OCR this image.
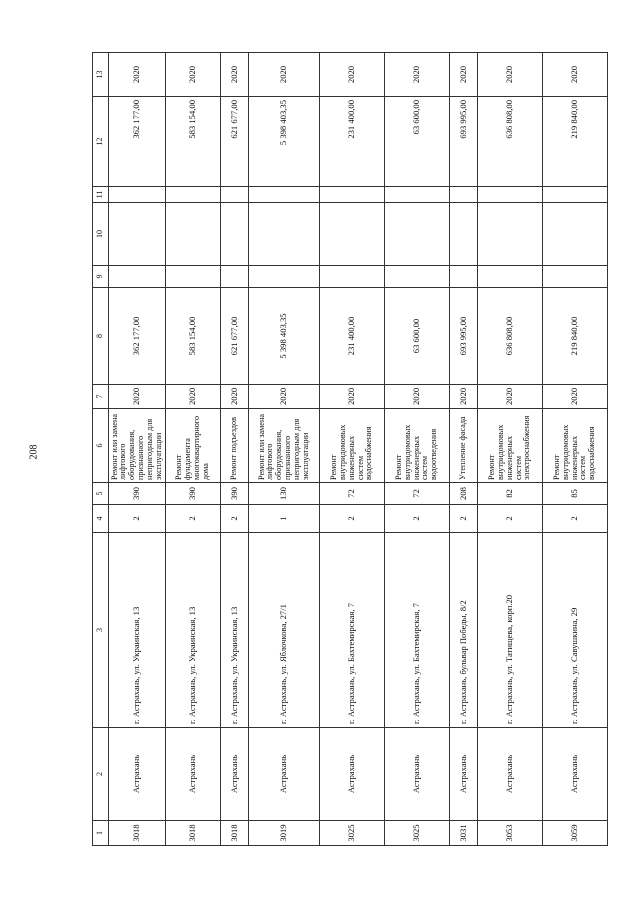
208
1	2	3	4	5	6	7	8	9	10	11	12	13
3018	Астрахань	г. Астрахань, ул. Украинская, 13	2	390	Ремонт или замена лифтового оборудования, признанного непригодным для эксплуатации	2020	362 177,00				362 177,00	2020
3018	Астрахань	г. Астрахань, ул. Украинская, 13	2	390	Ремонт фундамента многоквартирного дома	2020	583 154,00				583 154,00	2020
3018	Астрахань	г. Астрахань, ул. Украинская, 13	2	390	Ремонт подъездов	2020	621 677,00				621 677,00	2020
3019	Астрахань	г. Астрахань, ул. Яблочкова, 27/1	1	130	Ремонт или замена лифтового оборудования, признанного непригодным для эксплуатации	2020	5 398 403,35				5 398 403,35	2020
3025	Астрахань	г. Астрахань, ул. Бахтемирская, 7	2	72	Ремонт внутридомовых инженерных систем водоснабжения	2020	231 400,00				231 400,00	2020
3025	Астрахань	г. Астрахань, ул. Бахтемирская, 7	2	72	Ремонт внутридомовых инженерных систем водоотведения	2020	63 600,00				63 600,00	2020
3031	Астрахань	г. Астрахань, бульвар Победы, 8/2	2	208	Утепление фасада	2020	693 995,00				693 995,00	2020
3053	Астрахань	г. Астрахань, ул. Татищева, корп.20	2	82	Ремонт внутридомовых инженерных систем электроснабжения	2020	636 808,00				636 808,00	2020
3059	Астрахань	г. Астрахань, ул. Савушкина, 29	2	85	Ремонт внутридомовых инженерных систем водоснабжения	2020	219 840,00				219 840,00	2020
